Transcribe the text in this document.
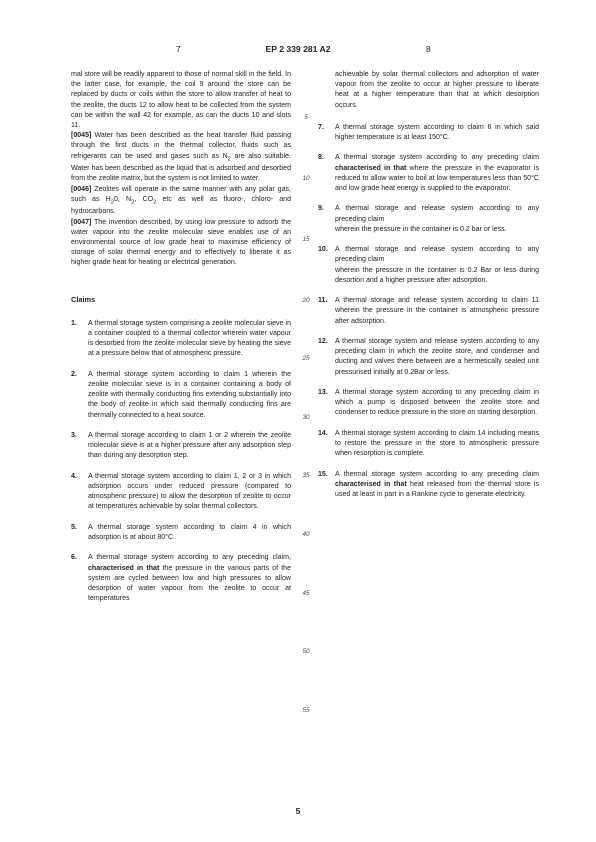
7	EP 2 339 281 A2	8

mal store will be readily apparent to those of normal skill in the field. In the latter case, for example, the coil 9 around the store can be replaced by ducts or coils within the store to allow transfer of heat to the zeolite, the ducts 12 to allow heat to be collected from the system can be within the wall 42 for example, as can the ducts 10 and slots 11.

[0045] Water has been described as the heat transfer fluid passing through the first ducts in the thermal collector, fluids such as refrigerants can be used and gases such as $N_2$ are also suitable. Water has been described as the liquid that is adsorbed and desorbed from the zeolite matrix, but the system is not limited to water.

[0046] Zeolites will operate in the same manner with any polar gas, such as $H_20$, $N_2$, $CO_2$ etc as well as fluoro-, chloro- and hydrocarbons.

[0047] The invention described, by using low pressure to adsorb the water vapour into the zeolite molecular sieve enables use of an environmental source of low grade heat to maximise efficiency of storage of solar thermal energy and to effectively to liberate it as higher grade heat for heating or electrical generation.

Claims
1.	A thermal storage system comprising a zeolite molecular sieve in a container coupled to a thermal collector wherein water vapour is desorbed from the zeolite molecular sieve by heating the sieve at a pressure below that of atmospheric pressure.
2.	A thermal storage system according to claim 1 wherein the zeolite molecular sieve is in a container containing a body of zeolite with thermally conducting fins extending substantially into the body of zeolite in which said thermally conducting fins are thermally connected to a heat source.
3.	A thermal storage according to claim 1 or 2 wherein the zeolite molecular sieve is at a higher pressure after any adsorption step than during any desorption step.
4.	A thermal storage system according to claim 1, 2 or 3 in which adsorption occurs under reduced pressure (compared to atmospheric pressure) to allow the desorption of zeolite to occur at temperatures achievable by solar thermal collectors.
5.	A thermal storage system according to claim 4 in which adsorption is at about 80°C.
6.	A thermal storage system according to any preceding claim, characterised in that the pressure in the various parts of the system are cycled between low and high pressures to allow desorption of water vapour from the zeolite to occur at temperatures
5
10
15
20
25
30
35
40
45
50
55

achievable by solar thermal collectors and adsorption of water vapour from the zeolite to occur at higher pressure to liberate heat at a higher temperature than that at which desorption occurs.

7.	A thermal storage system according to claim 6 in which said higher temperature is at least 150°C.
8.	A thermal storage system according to any preceding claim characterised in that where the pressure in the evaporator is reduced to allow water to boil at low temperatures less than 50°C and low grade heat energy is supplied to the evaporator.
9.	A thermal storage and release system according to any preceding claim
wherein the pressure in the container is 0.2 bar or less.
10.	A thermal storage and release system according to any preceding claim
wherein the pressure in the container is 0.2 Bar or less during desortion and a higher pressure after adsorption.
11.	A thermal storage and release system according to claim 11 wherein the pressure in the container is atmospheric pressure after adsorption.
12.	A thermal storage system and release system according to any preceding claim in which the zeolite store, and condenser and ducting and valves there between are a hermetically sealed unit pressurised initially at 0.2Bar or less.
13.	A thermal storage system according to any preceding claim in which a pump is disposed between the zeolite store and condenser to reduce pressure in the store on starting desorption.
14.	A thermal storage system according to claim 14 including means to restore the pressure in the store to atmospheric pressure when resorption is complete.
15.	A thermal storage system according to any preceding claim characterised in that heat released from the thermal store is used at least in part in a Rankine cycle to generate electricity.
5
